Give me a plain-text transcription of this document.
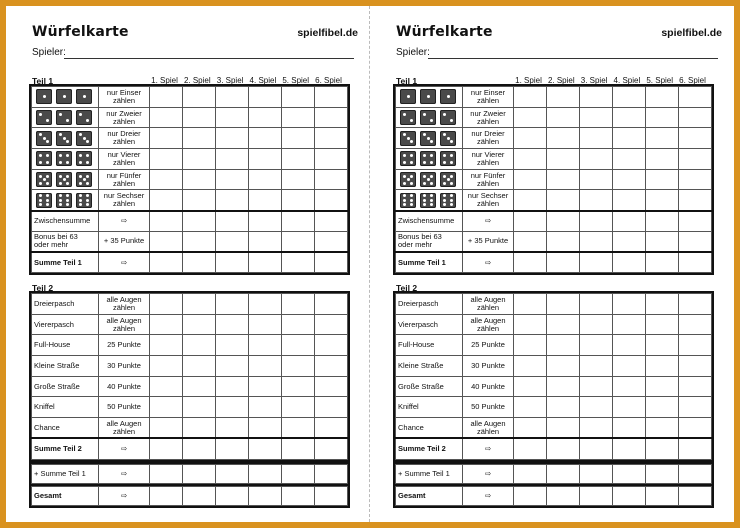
Würfelkarte	spielfibel.de
Spieler:
Teil 1	1. Spiel 2. Spiel 3. Spiel 4. Spiel 5. Spiel 6. Spiel

	nur Einser
zählen						

	nur Zweier
zählen						

	nur Dreier
zählen						

	nur Vierer
zählen						

	nur Fünfer
zählen						

	nur Sechser
zählen						

Zwischensumme	⇨						

Bonus bei 63
oder mehr	+ 35 Punkte						
Summe Teil 1	⇨						
Teil 2
Dreierpasch	alle Augen
zählen						

Viererpasch	alle Augen
zählen						

Full-House	25 Punkte						

Kleine Straße	30 Punkte						

Große Straße	40 Punkte						

Kniffel	50 Punkte						

Chance	alle Augen
zählen						

Summe Teil 2	⇨						
+ Summe Teil 1	⇨						
Gesamt	⇨						
Würfelkarte	spielfibel.de
Spieler:
Teil 1	1. Spiel 2. Spiel 3. Spiel 4. Spiel 5. Spiel 6. Spiel

	nur Einser
zählen						

	nur Zweier
zählen						

	nur Dreier
zählen						

	nur Vierer
zählen						

	nur Fünfer
zählen						

	nur Sechser
zählen						

Zwischensumme	⇨						

Bonus bei 63
oder mehr	+ 35 Punkte						
Summe Teil 1	⇨						
Teil 2
Dreierpasch	alle Augen
zählen						

Viererpasch	alle Augen
zählen						

Full-House	25 Punkte						

Kleine Straße	30 Punkte						

Große Straße	40 Punkte						

Kniffel	50 Punkte						

Chance	alle Augen
zählen						

Summe Teil 2	⇨						
+ Summe Teil 1	⇨						
Gesamt	⇨						
